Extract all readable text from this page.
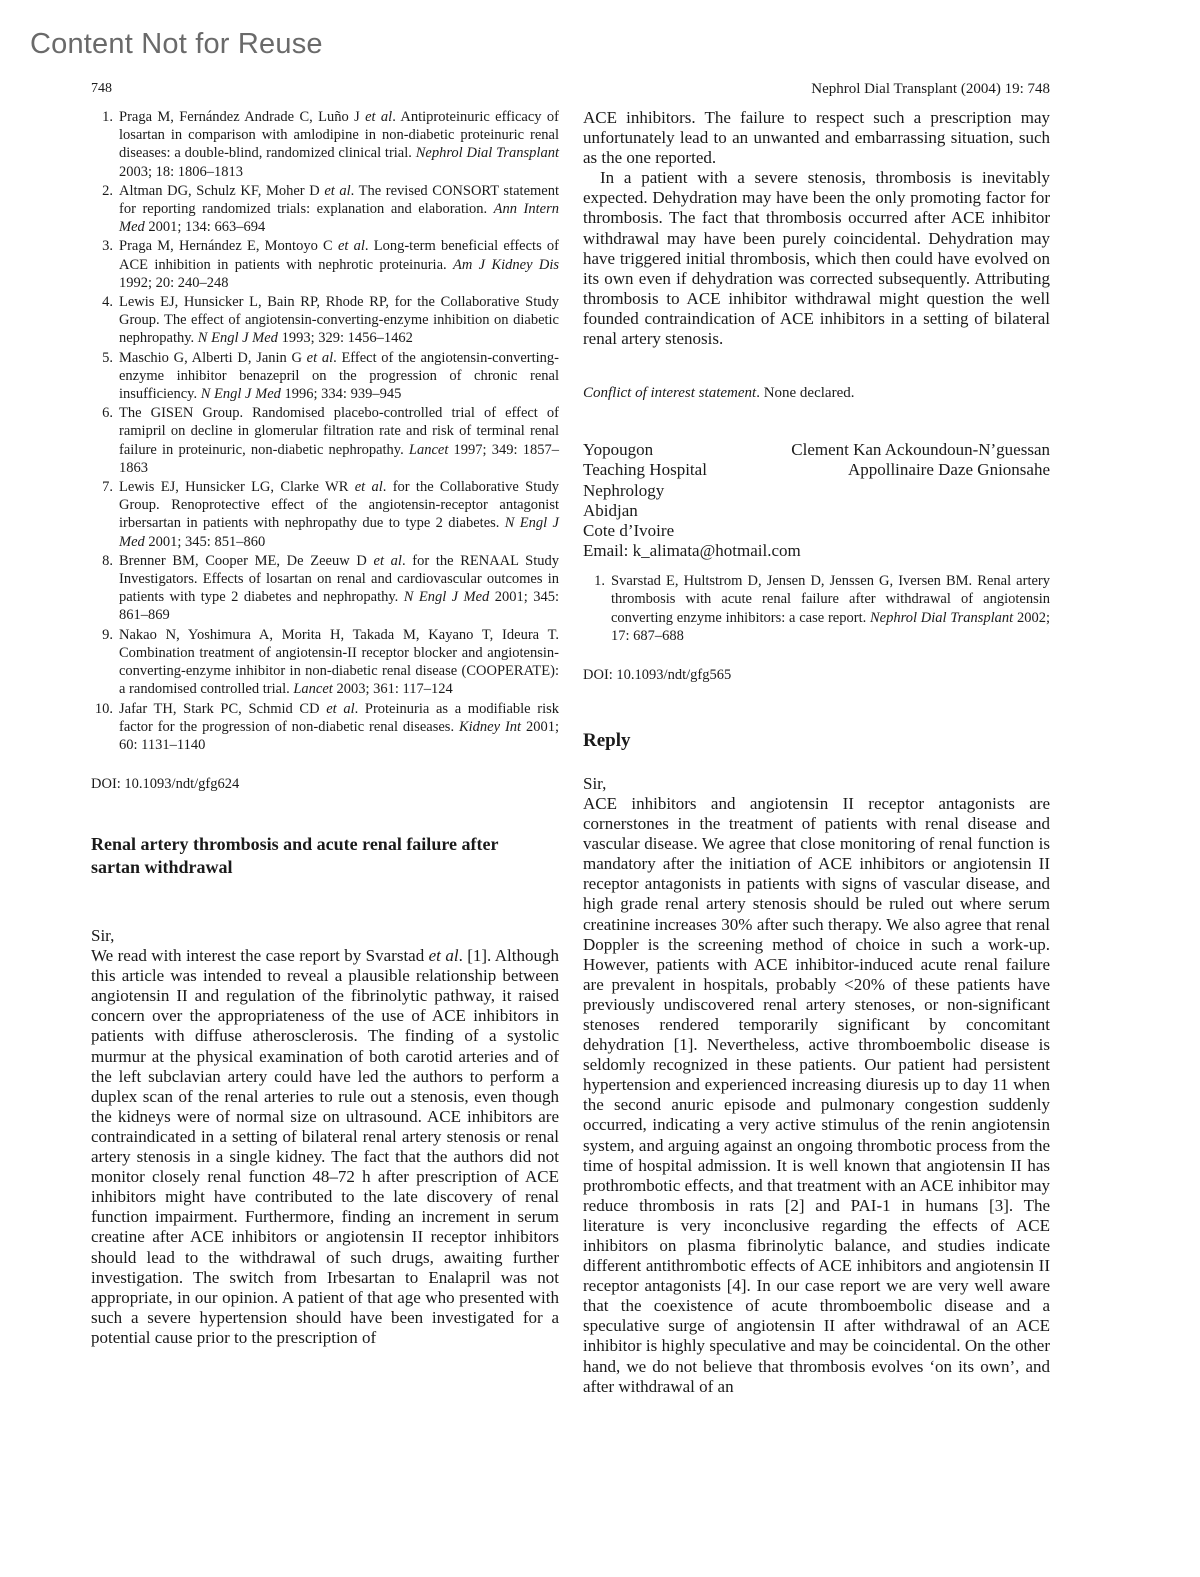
Content Not for Reuse
748	Nephrol Dial Transplant (2004) 19: 748
1. Praga M, Fernández Andrade C, Luño J et al. Antiproteinuric efficacy of losartan in comparison with amlodipine in non-diabetic proteinuric renal diseases: a double-blind, randomized clinical trial. Nephrol Dial Transplant 2003; 18: 1806–1813
2. Altman DG, Schulz KF, Moher D et al. The revised CONSORT statement for reporting randomized trials: explanation and elaboration. Ann Intern Med 2001; 134: 663–694
3. Praga M, Hernández E, Montoyo C et al. Long-term beneficial effects of ACE inhibition in patients with nephrotic proteinuria. Am J Kidney Dis 1992; 20: 240–248
4. Lewis EJ, Hunsicker L, Bain RP, Rhode RP, for the Collaborative Study Group. The effect of angiotensin-converting-enzyme inhibition on diabetic nephropathy. N Engl J Med 1993; 329: 1456–1462
5. Maschio G, Alberti D, Janin G et al. Effect of the angiotensin-converting-enzyme inhibitor benazepril on the progression of chronic renal insufficiency. N Engl J Med 1996; 334: 939–945
6. The GISEN Group. Randomised placebo-controlled trial of effect of ramipril on decline in glomerular filtration rate and risk of terminal renal failure in proteinuric, non-diabetic nephropathy. Lancet 1997; 349: 1857–1863
7. Lewis EJ, Hunsicker LG, Clarke WR et al. for the Collaborative Study Group. Renoprotective effect of the angiotensin-receptor antagonist irbersartan in patients with nephropathy due to type 2 diabetes. N Engl J Med 2001; 345: 851–860
8. Brenner BM, Cooper ME, De Zeeuw D et al. for the RENAAL Study Investigators. Effects of losartan on renal and cardiovascular outcomes in patients with type 2 diabetes and nephropathy. N Engl J Med 2001; 345: 861–869
9. Nakao N, Yoshimura A, Morita H, Takada M, Kayano T, Ideura T. Combination treatment of angiotensin-II receptor blocker and angiotensin-converting-enzyme inhibitor in non-diabetic renal disease (COOPERATE): a randomised controlled trial. Lancet 2003; 361: 117–124
10. Jafar TH, Stark PC, Schmid CD et al. Proteinuria as a modifiable risk factor for the progression of non-diabetic renal diseases. Kidney Int 2001; 60: 1131–1140
DOI: 10.1093/ndt/gfg624
Renal artery thrombosis and acute renal failure after sartan withdrawal
Sir,

We read with interest the case report by Svarstad et al. [1]. Although this article was intended to reveal a plausible relationship between angiotensin II and regulation of the fibrinolytic pathway, it raised concern over the appropriateness of the use of ACE inhibitors in patients with diffuse atherosclerosis. The finding of a systolic murmur at the physical examination of both carotid arteries and of the left subclavian artery could have led the authors to perform a duplex scan of the renal arteries to rule out a stenosis, even though the kidneys were of normal size on ultrasound. ACE inhibitors are contraindicated in a setting of bilateral renal artery stenosis or renal artery stenosis in a single kidney. The fact that the authors did not monitor closely renal function 48–72 h after prescription of ACE inhibitors might have contributed to the late discovery of renal function impairment. Furthermore, finding an increment in serum creatine after ACE inhibitors or angiotensin II receptor inhibitors should lead to the withdrawal of such drugs, awaiting further investigation. The switch from Irbesartan to Enalapril was not appropriate, in our opinion. A patient of that age who presented with such a severe hypertension should have been investigated for a potential cause prior to the prescription of

ACE inhibitors. The failure to respect such a prescription may unfortunately lead to an unwanted and embarrassing situation, such as the one reported.

In a patient with a severe stenosis, thrombosis is inevitably expected. Dehydration may have been the only promoting factor for thrombosis. The fact that thrombosis occurred after ACE inhibitor withdrawal may have been purely coincidental. Dehydration may have triggered initial thrombosis, which then could have evolved on its own even if dehydration was corrected subsequently. Attributing thrombosis to ACE inhibitor withdrawal might question the well founded contraindication of ACE inhibitors in a setting of bilateral renal artery stenosis.

Conflict of interest statement. None declared.
Yopougon
Teaching Hospital
Nephrology
Abidjan
Cote d’Ivoire
Clement Kan Ackoundoun-N’guessan
Appollinaire Daze Gnionsahe
Email: k_alimata@hotmail.com
1. Svarstad E, Hultstrom D, Jensen D, Jenssen G, Iversen BM. Renal artery thrombosis with acute renal failure after withdrawal of angiotensin converting enzyme inhibitors: a case report. Nephrol Dial Transplant 2002; 17: 687–688
DOI: 10.1093/ndt/gfg565
Reply
Sir,

ACE inhibitors and angiotensin II receptor antagonists are cornerstones in the treatment of patients with renal disease and vascular disease. We agree that close monitoring of renal function is mandatory after the initiation of ACE inhibitors or angiotensin II receptor antagonists in patients with signs of vascular disease, and high grade renal artery stenosis should be ruled out where serum creatinine increases 30% after such therapy. We also agree that renal Doppler is the screening method of choice in such a work-up. However, patients with ACE inhibitor-induced acute renal failure are prevalent in hospitals, probably <20% of these patients have previously undiscovered renal artery stenoses, or non-significant stenoses rendered temporarily significant by concomitant dehydration [1]. Nevertheless, active thromboembolic disease is seldomly recognized in these patients. Our patient had persistent hypertension and experienced increasing diuresis up to day 11 when the second anuric episode and pulmonary congestion suddenly occurred, indicating a very active stimulus of the renin angiotensin system, and arguing against an ongoing thrombotic process from the time of hospital admission. It is well known that angiotensin II has prothrombotic effects, and that treatment with an ACE inhibitor may reduce thrombosis in rats [2] and PAI-1 in humans [3]. The literature is very inconclusive regarding the effects of ACE inhibitors on plasma fibrinolytic balance, and studies indicate different antithrombotic effects of ACE inhibitors and angiotensin II receptor antagonists [4]. In our case report we are very well aware that the coexistence of acute thromboembolic disease and a speculative surge of angiotensin II after withdrawal of an ACE inhibitor is highly speculative and may be coincidental. On the other hand, we do not believe that thrombosis evolves ‘on its own’, and after withdrawal of an
